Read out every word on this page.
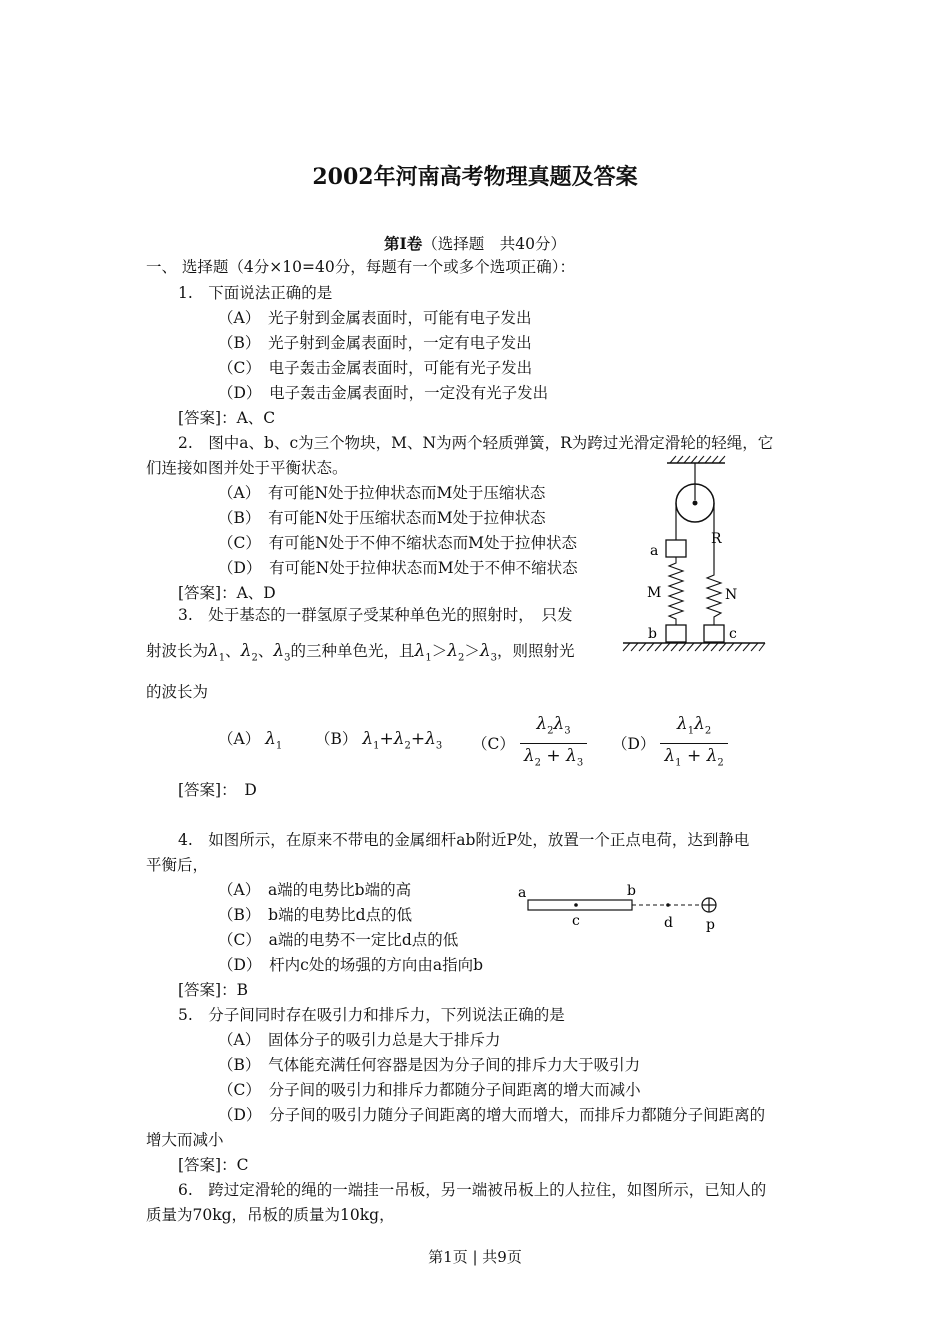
2002年河南高考物理真题及答案
第Ⅰ卷（选择题　共40分）
一、 选择题（4分×10=40分，每题有一个或多个选项正确）：
1.　下面说法正确的是
（A）　光子射到金属表面时，可能有电子发出
（B）　光子射到金属表面时，一定有电子发出
（C）　电子轰击金属表面时，可能有光子发出
（D）　电子轰击金属表面时，一定没有光子发出
[答案]：A、C
2.　图中a、b、c为三个物块，M、N为两个轻质弹簧，R为跨过光滑定滑轮的轻绳，它
们连接如图并处于平衡状态。
（A）　有可能N处于拉伸状态而M处于压缩状态
（B）　有可能N处于压缩状态而M处于拉伸状态
（C）　有可能N处于不伸不缩状态而M处于拉伸状态
（D）　有可能N处于拉伸状态而M处于不伸不缩状态
[答案]：A、D
a
R
M	N
b	c
3.　处于基态的一群氢原子受某种单色光的照射时，　只发
射波长为$\lambda_1$、$\lambda_2$、$\lambda_3$的三种单色光，且$\lambda_1>\lambda_2>\lambda_3$，则照射光
的波长为
（A） $\lambda_1$ （B） $\lambda_1+\lambda_2+\lambda_3$ $(C) \frac{\lambda_2\lambda_3}{\lambda_2 + \lambda_3} (D) \frac{\lambda_1\lambda_2}{\lambda_1 + \lambda_2}$
[答案]：　D
4.　如图所示，在原来不带电的金属细杆ab附近P处，放置一个正点电荷，达到静电
平衡后，
（A）　a端的电势比b端的高
（B）　b端的电势比d点的低
（C）　a端的电势不一定比d点的低
（D）　杆内c处的场强的方向由a指向b
[答案]：B
a	b
c	d p
5.　分子间同时存在吸引力和排斥力，下列说法正确的是
（A）　固体分子的吸引力总是大于排斥力
（B）　气体能充满任何容器是因为分子间的排斥力大于吸引力
（C）　分子间的吸引力和排斥力都随分子间距离的增大而减小
（D）　分子间的吸引力随分子间距离的增大而增大，而排斥力都随分子间距离的
增大而减小
[答案]：C
6.　跨过定滑轮的绳的一端挂一吊板，另一端被吊板上的人拉住，如图所示，已知人的
质量为70kg，吊板的质量为10kg，
第1页 | 共9页
